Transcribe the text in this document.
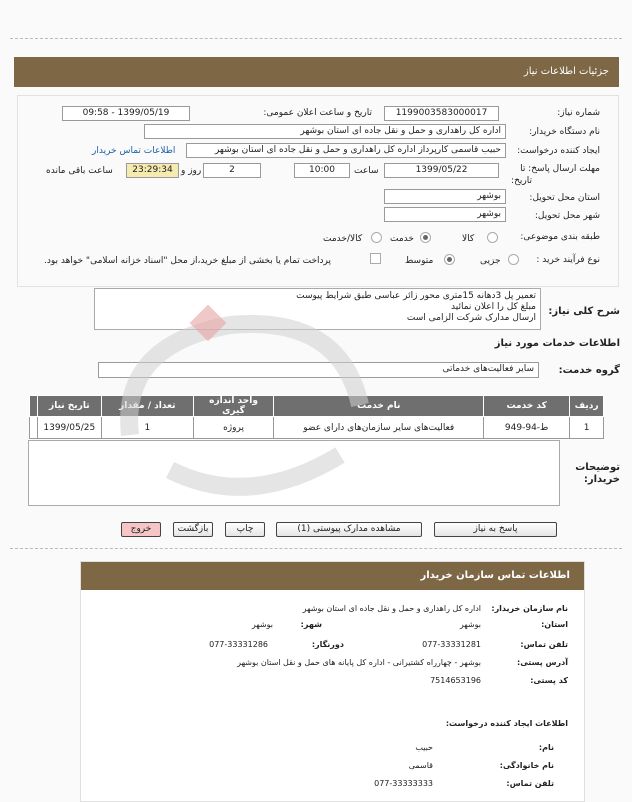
جزئیات اطلاعات نیاز
شماره نیاز:
1199003583000017
تاریخ و ساعت اعلان عمومی:
1399/05/19 - 09:58
نام دستگاه خریدار:
اداره کل راهداری و حمل و نقل جاده ای استان بوشهر
ایجاد کننده درخواست:
حبیب قاسمی کارپرداز اداره کل راهداری و حمل و نقل جاده ای استان بوشهر
اطلاعات تماس خریدار
مهلت ارسال پاسخ: تا
تاریخ:
1399/05/22
ساعت
10:00
2
روز و
23:29:34
ساعت باقی مانده
استان محل تحویل:
بوشهر
شهر محل تحویل:
بوشهر
طبقه بندی موضوعی:
کالا
خدمت
کالا/خدمت
نوع فرآیند خرید :
جزیی
متوسط
پرداخت تمام یا بخشی از مبلغ خرید،از محل "اسناد خزانه اسلامی" خواهد بود.
شرح کلی نیاز:
تعمیر پل 3دهانه 15متری محور زائر عباسی طبق شرایط پیوست
مبلغ کل را اعلان نمائید
ارسال مدارک شرکت الزامی است
اطلاعات خدمات مورد نیاز
گروه خدمت:
سایر فعالیت‌های خدماتی
ردیف	کد خدمت	نام خدمت	واحد اندازه گیری	تعداد / مقدار	تاریخ نیاز	
1	ط-94-949	فعالیت‌های سایر سازمان‌های دارای عضو	پروژه	1	1399/05/25	
توضیحات
خریدار:
پاسخ به نیاز
مشاهده مدارک پیوستی (1)
چاپ
بازگشت
خروج
اطلاعات تماس سازمان خریدار
نام سازمان خریدار:
اداره کل راهداری و حمل و نقل جاده ای استان بوشهر
استان:
بوشهر
شهر:
بوشهر
تلفن تماس:
077-33331281
دورنگار:
077-33331286
آدرس پستی:
بوشهر - چهارراه کشتیرانی - اداره کل پایانه های حمل و نقل استان بوشهر
کد پستی:
7514653196
اطلاعات ایجاد کننده درخواست:
نام:
حبیب
نام خانوادگی:
قاسمی
تلفن تماس:
077-33333333
